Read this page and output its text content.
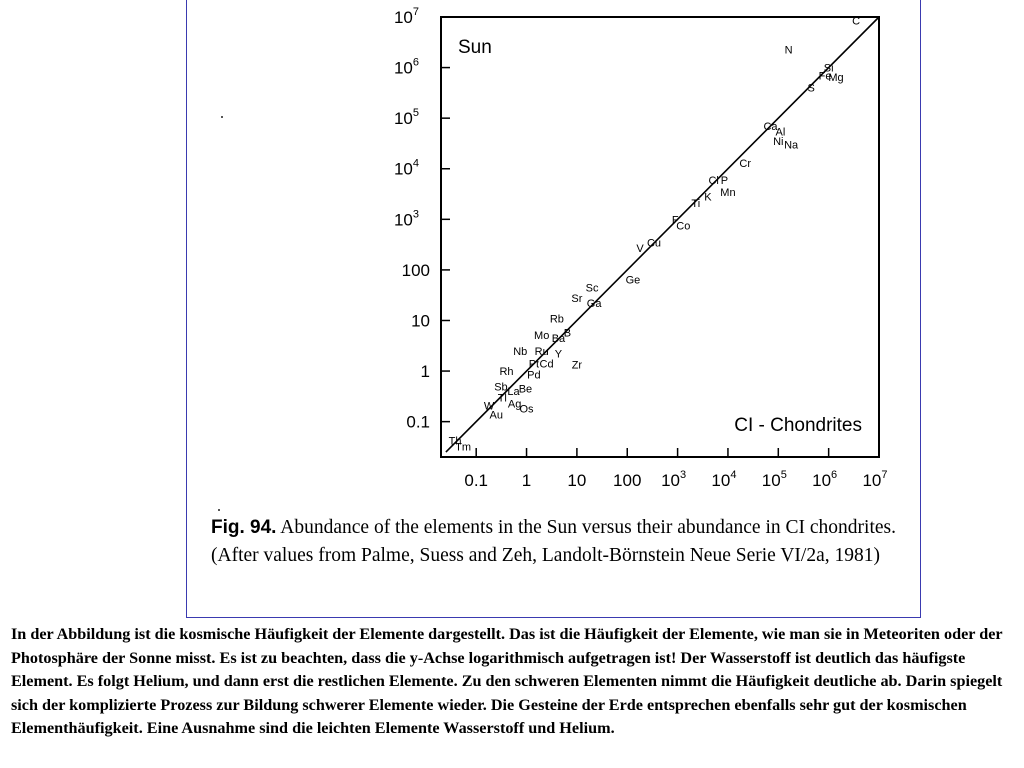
0.1 1 10 100 $10^3$ $10^4$ $10^5$ $10^6$ $10^7$
0.1
1
10
100
$10^3$
$10^4$
$10^5$
$10^6$
$10^7$
C
N
Si
Fe
Mg
S
Ca
Al
Ni Na
Cr
Cl P
Mn
K
Ti
F
Co
Cu
V
Ge
Sc
Sr Ga
Rb
Mo Ba
B
Nb Ru Y
Pt Cd Zr
Rh Pd
Sb La Be
Tl
W Ag
Os
Au
Th
Tm
Sun
CI - Chondrites
Fig. 94. Abundance of the elements in the Sun versus their abundance in CI chondrites. (After values from Palme, Suess and Zeh, Landolt-Börnstein Neue Serie VI/2a, 1981)
In der Abbildung ist die kosmische Häufigkeit der Elemente dargestellt. Das ist die Häufigkeit der Elemente, wie man sie in Meteoriten oder der Photosphäre der Sonne misst. Es ist zu beachten, dass die y-Achse logarithmisch aufgetragen ist! Der Wasserstoff ist deutlich das häufigste Element. Es folgt Helium, und dann erst die restlichen Elemente. Zu den schweren Elementen nimmt die Häufigkeit deutliche ab. Darin spiegelt sich der komplizierte Prozess zur Bildung schwerer Elemente wieder. Die Gesteine der Erde entsprechen ebenfalls sehr gut der kosmischen Elementhäufigkeit. Eine Ausnahme sind die leichten Elemente Wasserstoff und Helium.
